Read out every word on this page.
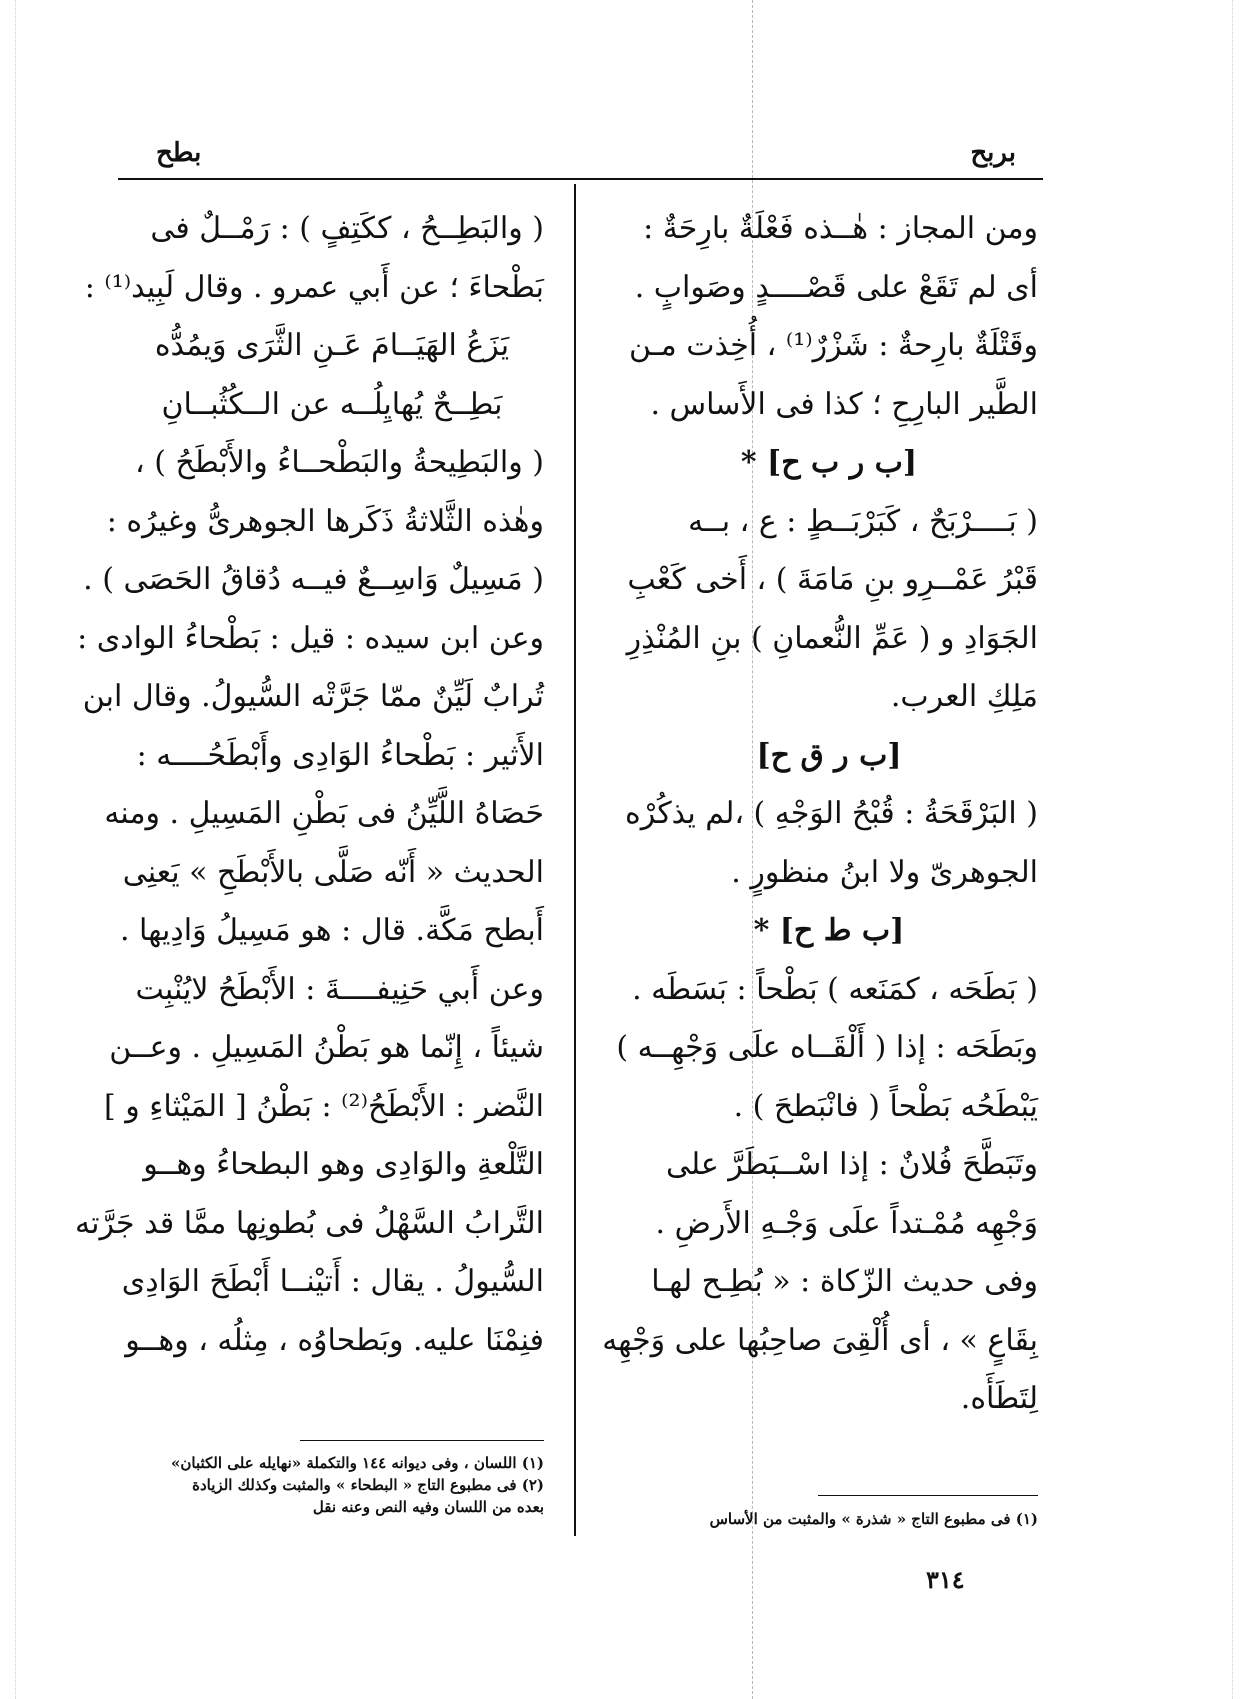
بربح
بطح
ومن المجاز : هٰــذه فَعْلَةٌ بارِحَةٌ :
أى لم تَقَعْ على قَصْــــدٍ وصَوابٍ .
وقَتْلَةٌ بارِحةٌ : شَزْرٌ⁽¹⁾ ، أُخِذت مـن
الطَّير البارِحِ ؛ كذا فى الأَساس .
[ب ر ب ح] *
( بَــــرْبَحٌ ، كَبَرْبَــطٍ : ع ، بــه
قَبْرُ عَمْــرِو بنِ مَامَةَ ) ، أَخى كَعْبِ
الجَوَادِ و ( عَمِّ النُّعمانِ ) بنِ المُنْذِرِ
مَلِكِ العرب.
[ب ر ق ح]
( البَرْقَحَةُ : قُبْحُ الوَجْهِ ) ،لم يذكُرْه
الجوهرىّ ولا ابنُ منظورٍ .
[ب ط ح] *
( بَطَحَه ، كمَنَعه ) بَطْحاً : بَسَطَه .
وبَطَحَه : إذا ( أَلْقَــاه علَى وَجْهِــه )
يَبْطَحُه بَطْحاً ( فانْبَطحَ ) .
وتَبَطَّحَ فُلانٌ : إذا اسْــبَطَرَّ على
وَجْهِه مُمْـتداً علَى وَجْـهِ الأَرضِ .
وفى حديث الزّكاة : « بُطِـح لهـا
بِقَاعٍ » ، أى أُلْقِىَ صاحِبُها على وَجْهِه
لِتَطَأَه.
( والبَطِــحُ ، ككَتِفٍ ) : رَمْــلٌ فى
بَطْحاءَ ؛ عن أَبي عمرو . وقال لَبِيد⁽¹⁾ :
يَزَعُ الهَيَــامَ عَـنِ الثَّرَى وَيمُدُّه
بَطِــحٌ يُهايِلُــه عن الــكُثُبــانِ
( والبَطِيحةُ والبَطْحــاءُ والأَبْطَحُ ) ،
وهٰذه الثَّلاثةُ ذَكَرها الجوهرىُّ وغيرُه :
( مَسِيلٌ وَاسِــعٌ فيــه دُقاقُ الحَصَى ) .
وعن ابن سيده : قيل : بَطْحاءُ الوادى :
تُرابٌ لَيِّنٌ ممّا جَرَّتْه السُّيولُ. وقال ابن
الأَثير : بَطْحاءُ الوَادِى وأَبْطَحُــــه :
حَصَاهُ اللَّيِّنُ فى بَطْنِ المَسِيلِ . ومنه
الحديث « أَنّه صَلَّى بالأَبْطَحِ » يَعنِى
أَبطح مَكَّة. قال : هو مَسِيلُ وَادِيها .
وعن أَبي حَنِيفــــةَ : الأَبْطَحُ لايُنْبِت
شيئاً ، إِنّما هو بَطْنُ المَسِيلِ . وعــن
النَّضر : الأَبْطَحُ⁽²⁾ : بَطْنُ [ المَيْثاءِ و ]
التَّلْعةِ والوَادِى وهو البطحاءُ وهــو
التَّرابُ السَّهْلُ فى بُطونِها ممَّا قد جَرَّته
السُّيولُ . يقال : أَتيْنــا أَبْطَحَ الوَادِى
فنِمْنَا عليه. وبَطحاوُه ، مِثلُه ، وهــو
(١) فى مطبوع التاج « شذرة » والمثبت من الأساس
(١) اللسان ، وفى ديوانه ١٤٤ والتكملة «نهايله على الكثبان»
(٢) فى مطبوع التاج « البطحاء » والمثبت وكذلك الزيادة
بعده من اللسان وفيه النص وعنه نقل
٣١٤
